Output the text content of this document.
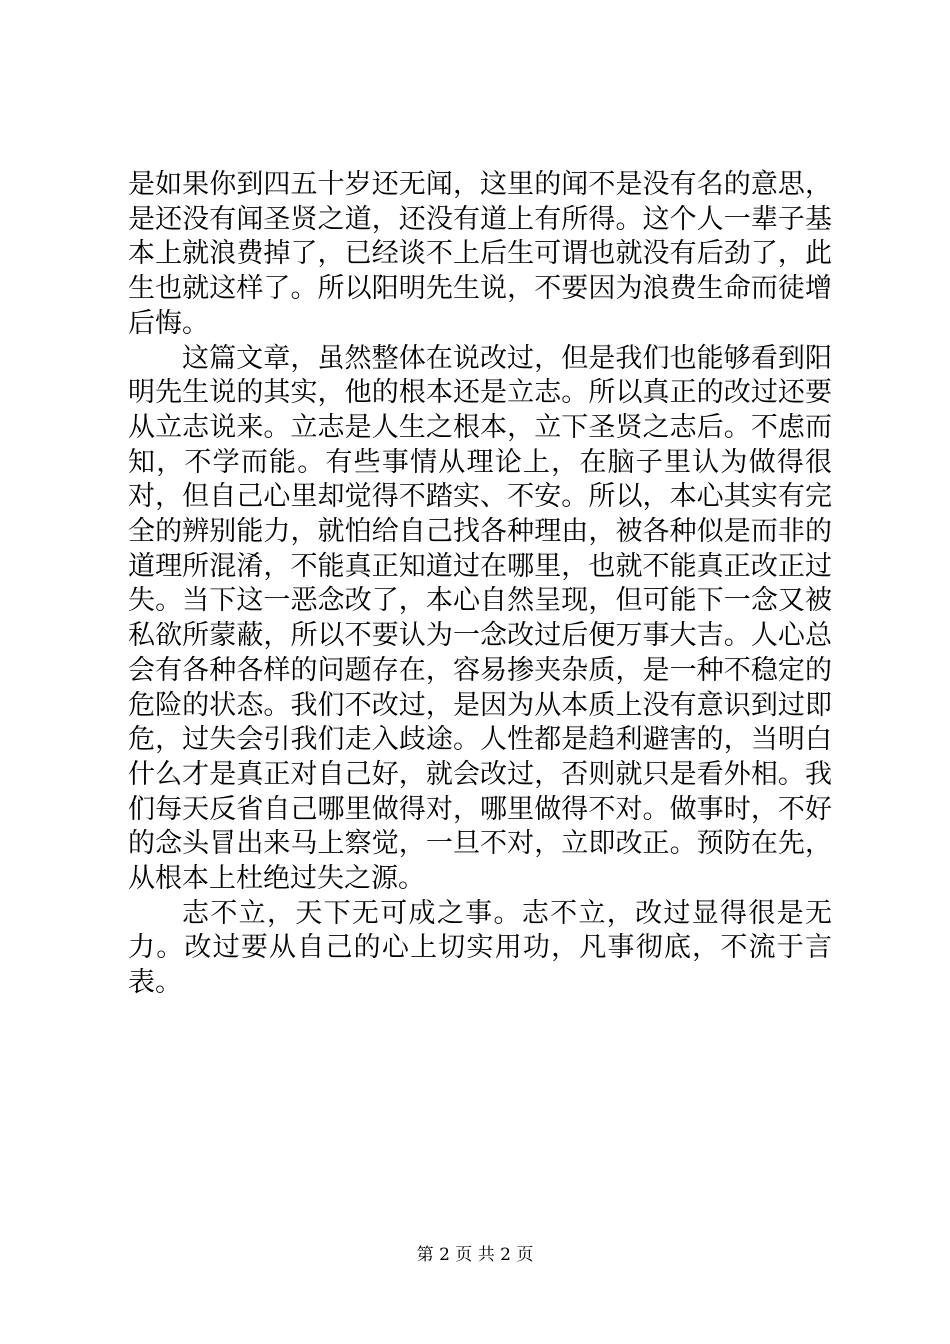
是如果你到四五十岁还无闻，这里的闻不是没有名的意思，是还没有闻圣贤之道，还没有道上有所得。这个人一辈子基本上就浪费掉了，已经谈不上后生可谓也就没有后劲了，此生也就这样了。所以阳明先生说，不要因为浪费生命而徒增后悔。

这篇文章，虽然整体在说改过，但是我们也能够看到阳明先生说的其实，他的根本还是立志。所以真正的改过还要从立志说来。立志是人生之根本，立下圣贤之志后。不虑而知，不学而能。有些事情从理论上，在脑子里认为做得很对，但自己心里却觉得不踏实、不安。所以，本心其实有完全的辨别能力，就怕给自己找各种理由，被各种似是而非的道理所混淆，不能真正知道过在哪里，也就不能真正改正过失。当下这一恶念改了，本心自然呈现，但可能下一念又被私欲所蒙蔽，所以不要认为一念改过后便万事大吉。人心总会有各种各样的问题存在，容易掺夹杂质，是一种不稳定的危险的状态。我们不改过，是因为从本质上没有意识到过即危，过失会引我们走入歧途。人性都是趋利避害的，当明白什么才是真正对自己好，就会改过，否则就只是看外相。我们每天反省自己哪里做得对，哪里做得不对。做事时，不好的念头冒出来马上察觉，一旦不对，立即改正。预防在先，从根本上杜绝过失之源。

志不立，天下无可成之事。志不立，改过显得很是无力。改过要从自己的心上切实用功，凡事彻底，不流于言表。

第 2 页 共 2 页
